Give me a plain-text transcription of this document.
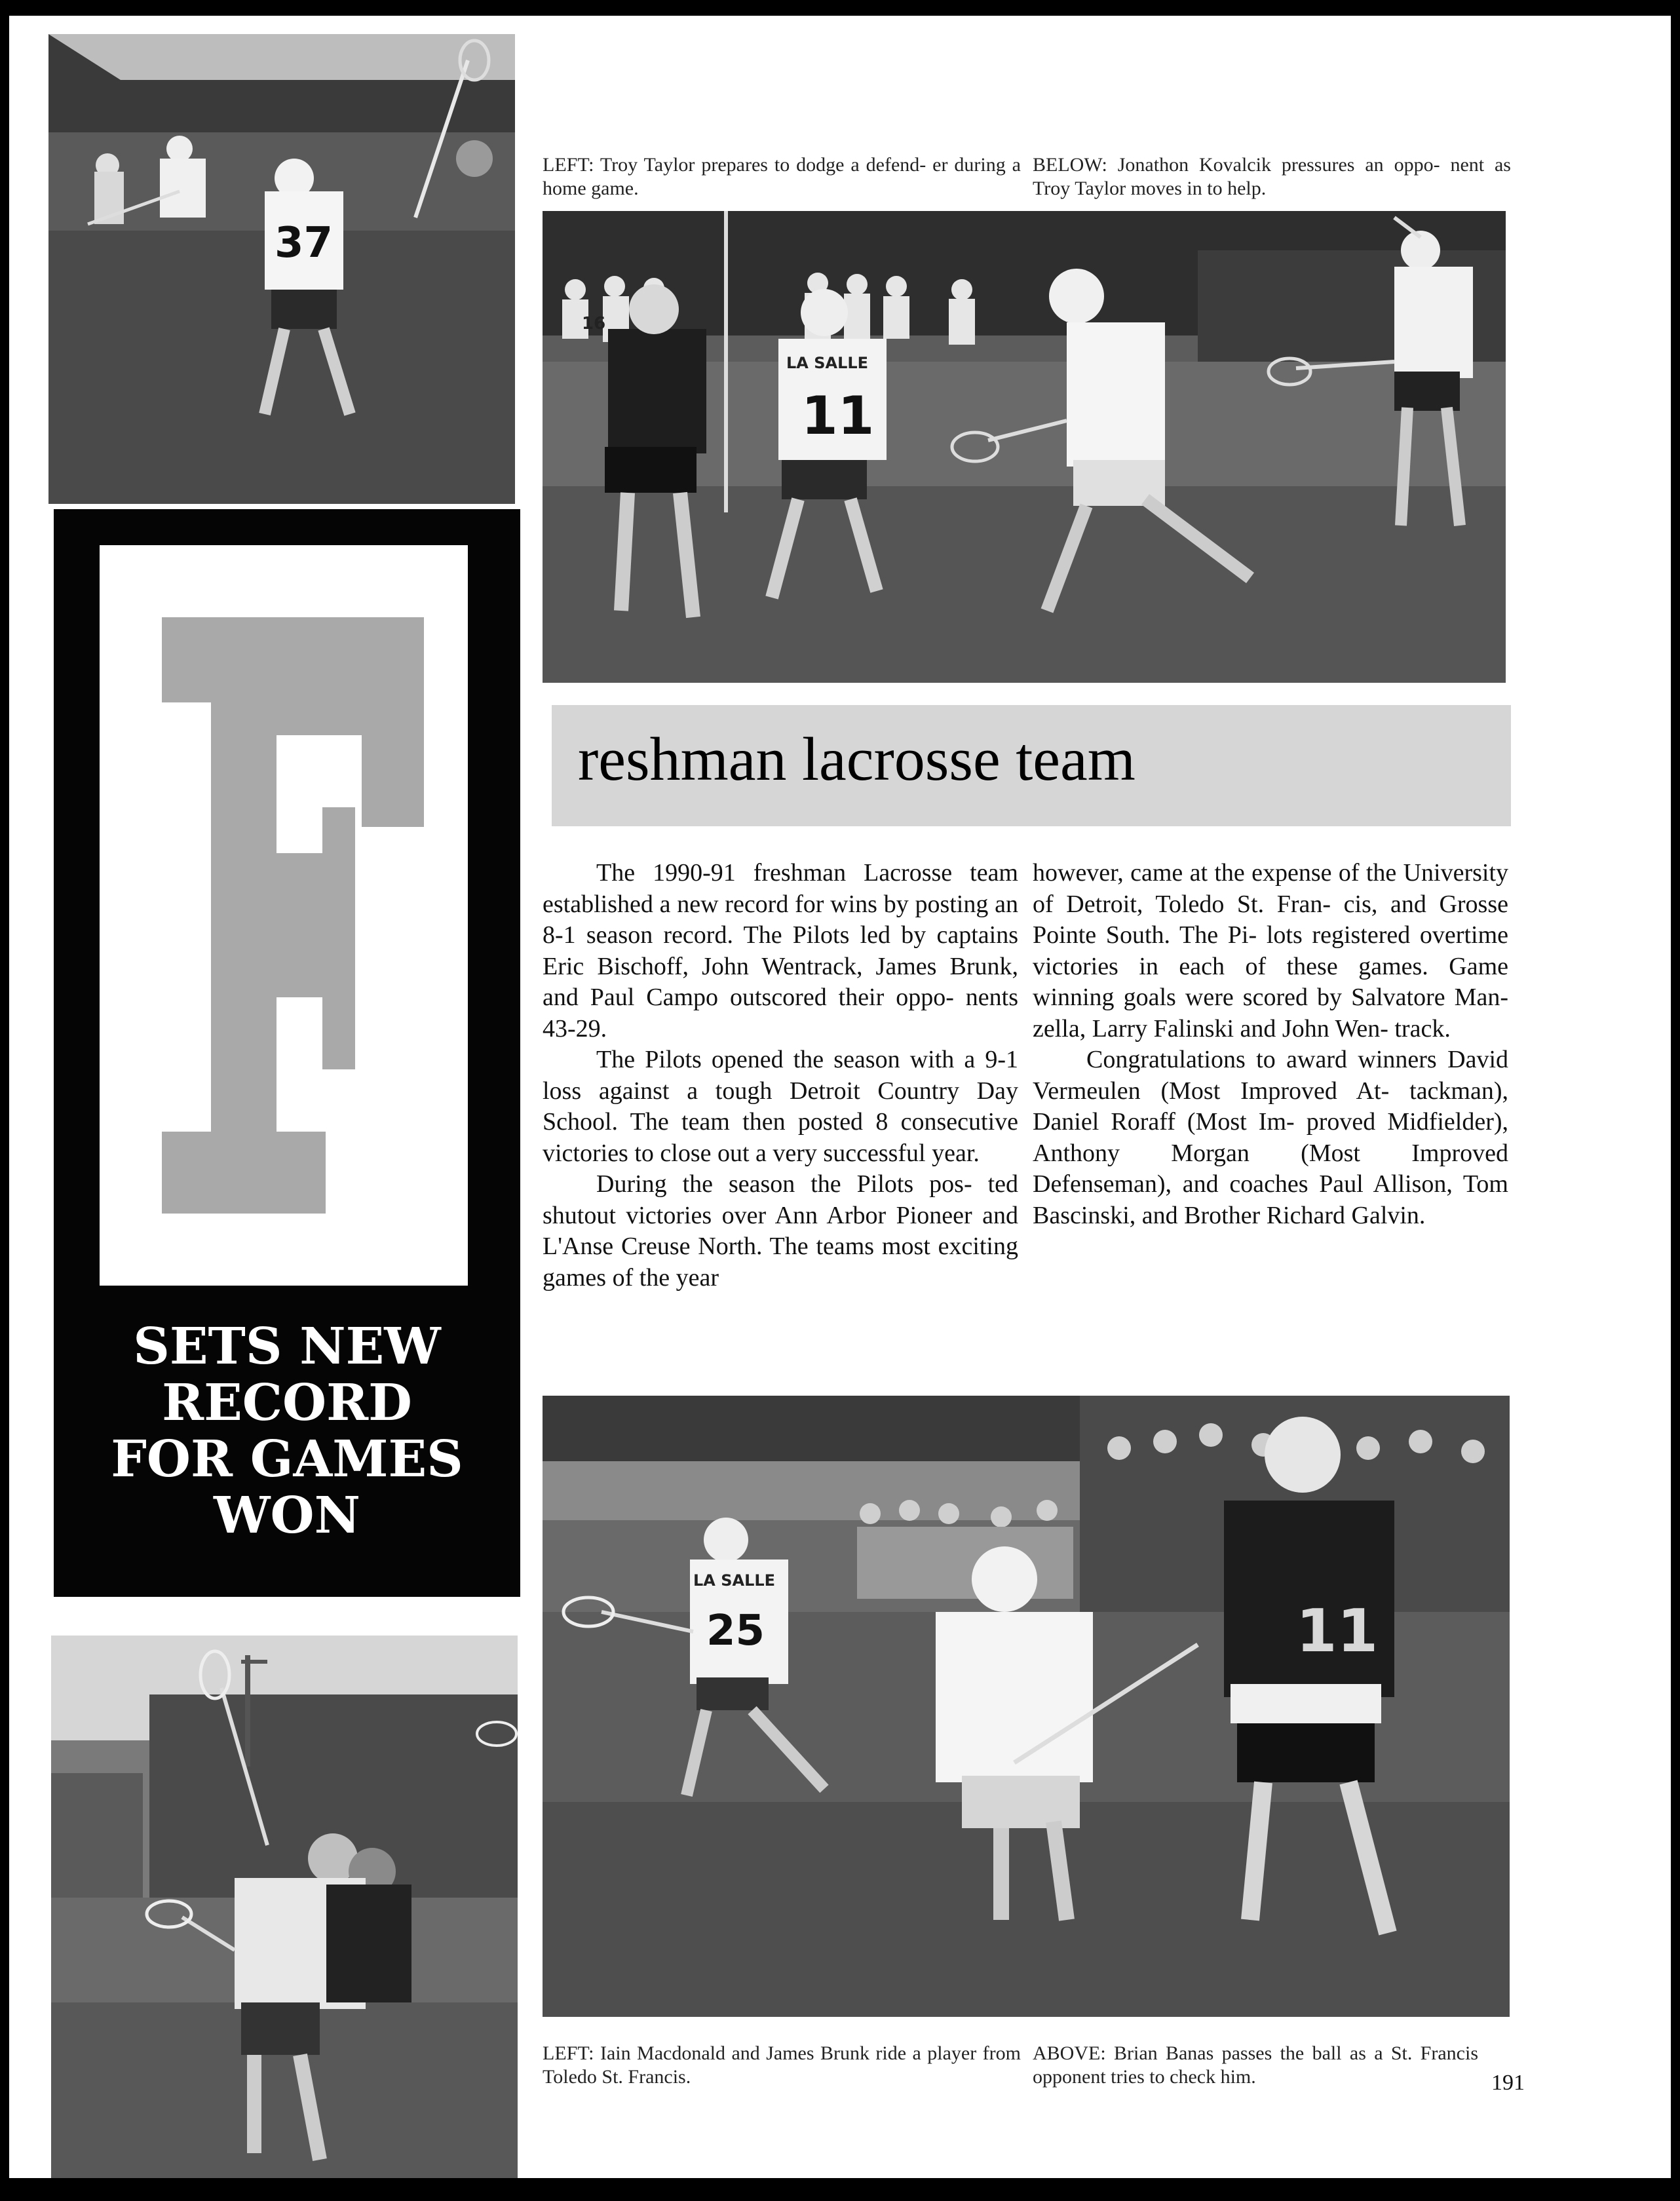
37
LEFT: Troy Taylor prepares to dodge a defend- er during a home game.
BELOW: Jonathon Kovalcik pressures an oppo- nent as Troy Taylor moves in to help.
16
LA SALLE
11
SETS NEW RECORD FOR GAMES WON
reshman lacrosse team

The 1990-91 freshman Lacrosse team established a new record for wins by posting an 8-1 season record. The Pilots led by captains Eric Bischoff, John Wentrack, James Brunk, and Paul Campo outscored their oppo- nents 43-29.

The Pilots opened the season with a 9-1 loss against a tough Detroit Country Day School. The team then posted 8 consecutive victories to close out a very successful year.

During the season the Pilots pos- ted shutout victories over Ann Arbor Pioneer and L'Anse Creuse North. The teams most exciting games of the year

however, came at the expense of the University of Detroit, Toledo St. Fran- cis, and Grosse Pointe South. The Pi- lots registered overtime victories in each of these games. Game winning goals were scored by Salvatore Man- zella, Larry Falinski and John Wen- track.

Congratulations to award winners David Vermeulen (Most Improved At- tackman), Daniel Roraff (Most Im- proved Midfielder), Anthony Morgan (Most Improved Defenseman), and coaches Paul Allison, Tom Bascinski, and Brother Richard Galvin.

LA SALLE
25	11
LEFT: Iain Macdonald and James Brunk ride a player from Toledo St. Francis.
ABOVE: Brian Banas passes the ball as a St. Francis opponent tries to check him.	191
